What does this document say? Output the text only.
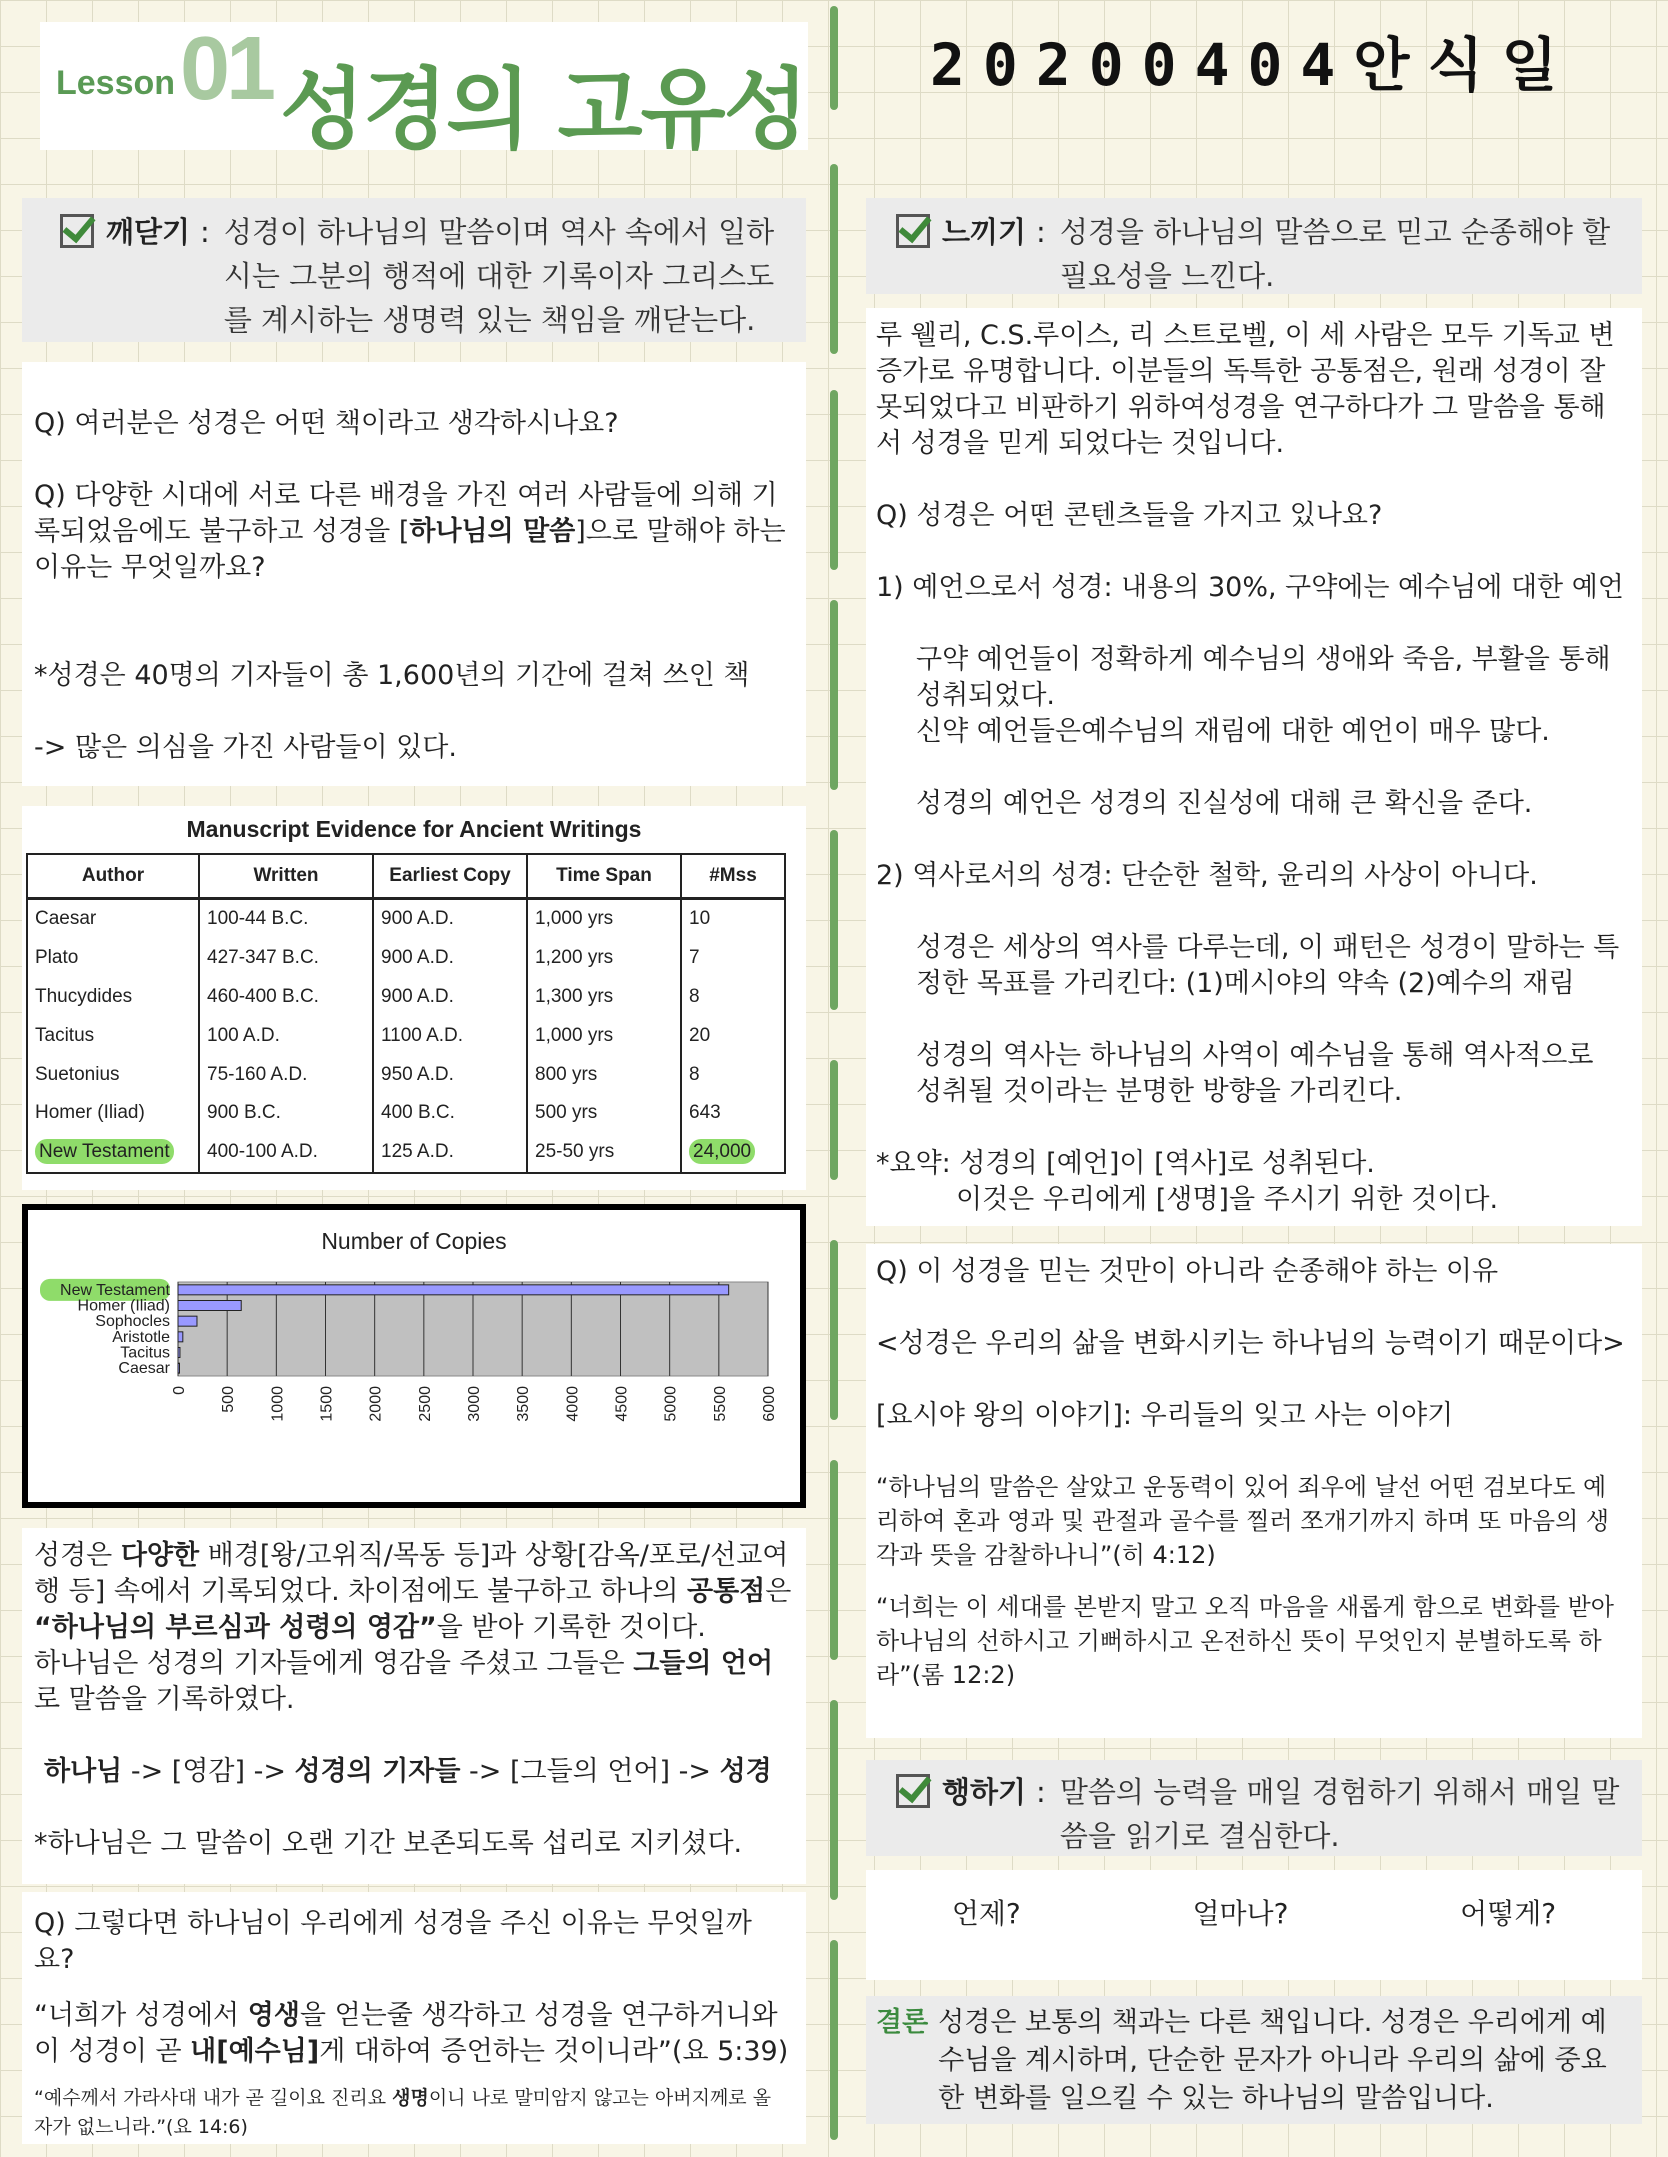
Lesson 01 성경의 고유성 20200404안식일
깨닫기 : 성경이 하나님의 말씀이며 역사 속에서 일하시는 그분의 행적에 대한 기록이자 그리스도를 계시하는 생명력 있는 책임을 깨닫는다.
Q) 여러분은 성경은 어떤 책이라고 생각하시나요?
Q) 다양한 시대에 서로 다른 배경을 가진 여러 사람들에 의해 기록되었음에도 불구하고 성경을 [하나님의 말씀]으로 말해야 하는 이유는 무엇일까요?
*성경은 40명의 기자들이 총 1,600년의 기간에 걸쳐 쓰인 책
-> 많은 의심을 가진 사람들이 있다.
Manuscript Evidence for Ancient Writings
Author	Written	Earliest Copy	Time Span	#Mss
Caesar	100-44 B.C.	900 A.D.	1,000 yrs	10
Plato	427-347 B.C.	900 A.D.	1,200 yrs	7
Thucydides	460-400 B.C.	900 A.D.	1,300 yrs	8
Tacitus	100 A.D.	1100 A.D.	1,000 yrs	20
Suetonius	75-160 A.D.	950 A.D.	800 yrs	8
Homer (Iliad)	900 B.C.	400 B.C.	500 yrs	643
New Testament	400-100 A.D.	125 A.D.	25-50 yrs	24,000
Number of Copies
0 500 1000 1500 2000 2500 3000 3500 4000 4500 5000 5500 6000
New Testament
Homer (Iliad)
Sophocles
Aristotle
Tacitus
Caesar
성경은 다양한 배경[왕/고위직/목동 등]과 상황[감옥/포로/선교여행 등] 속에서 기록되었다. 차이점에도 불구하고 하나의 공통점은 “하나님의 부르심과 성령의 영감”을 받아 기록한 것이다.
하나님은 성경의 기자들에게 영감을 주셨고 그들은 그들의 언어로 말씀을 기록하였다.
하나님 -> [영감] -> 성경의 기자들 -> [그들의 언어] -> 성경
*하나님은 그 말씀이 오랜 기간 보존되도록 섭리로 지키셨다.
Q) 그렇다면 하나님이 우리에게 성경을 주신 이유는 무엇일까요?
“너희가 성경에서 영생을 얻는줄 생각하고 성경을 연구하거니와 이 성경이 곧 내[예수님]게 대하여 증언하는 것이니라”(요 5:39)
“예수께서 가라사대 내가 곧 길이요 진리요 생명이니 나로 말미암지 않고는 아버지께로 올 자가 없느니라.”(요 14:6)
느끼기 : 성경을 하나님의 말씀으로 믿고 순종해야 할 필요성을 느낀다.
루 웰리, C.S.루이스, 리 스트로벨, 이 세 사람은 모두 기독교 변증가로 유명합니다. 이분들의 독특한 공통점은, 원래 성경이 잘못되었다고 비판하기 위하여성경을 연구하다가 그 말씀을 통해서 성경을 믿게 되었다는 것입니다.
Q) 성경은 어떤 콘텐츠들을 가지고 있나요?
1) 예언으로서 성경: 내용의 30%, 구약에는 예수님에 대한 예언
구약 예언들이 정확하게 예수님의 생애와 죽음, 부활을 통해 성취되었다.
신약 예언들은예수님의 재림에 대한 예언이 매우 많다.
성경의 예언은 성경의 진실성에 대해 큰 확신을 준다.
2) 역사로서의 성경: 단순한 철학, 윤리의 사상이 아니다.
성경은 세상의 역사를 다루는데, 이 패턴은 성경이 말하는 특정한 목표를 가리킨다: (1)메시야의 약속 (2)예수의 재림
성경의 역사는 하나님의 사역이 예수님을 통해 역사적으로 성취될 것이라는 분명한 방향을 가리킨다.
*요약: 성경의 [예언]이 [역사]로 성취된다.
이것은 우리에게 [생명]을 주시기 위한 것이다.
Q) 이 성경을 믿는 것만이 아니라 순종해야 하는 이유
<성경은 우리의 삶을 변화시키는 하나님의 능력이기 때문이다>
[요시야 왕의 이야기]: 우리들의 잊고 사는 이야기
“하나님의 말씀은 살았고 운동력이 있어 죄우에 날선 어떤 검보다도 예리하여 혼과 영과 및 관절과 골수를 찔러 쪼개기까지 하며 또 마음의 생각과 뜻을 감찰하나니”(히 4:12)
“너희는 이 세대를 본받지 말고 오직 마음을 새롭게 함으로 변화를 받아 하나님의 선하시고 기뻐하시고 온전하신 뜻이 무엇인지 분별하도록 하라”(롬 12:2)
행하기 : 말씀의 능력을 매일 경험하기 위해서 매일 말씀을 읽기로 결심한다.
언제?	얼마나?	어떻게?
결론 성경은 보통의 책과는 다른 책입니다. 성경은 우리에게 예수님을 계시하며, 단순한 문자가 아니라 우리의 삶에 중요한 변화를 일으킬 수 있는 하나님의 말씀입니다.
